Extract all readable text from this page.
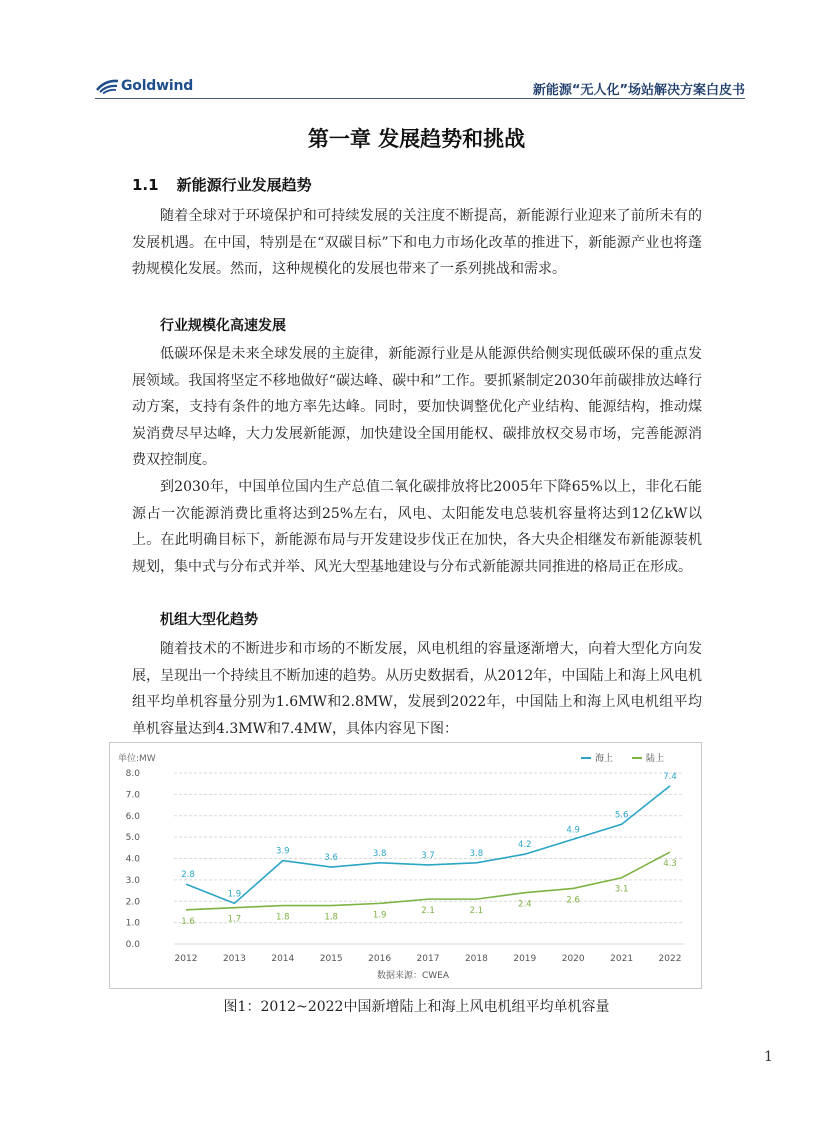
Goldwind	新能源“无人化”场站解决方案白皮书
第一章 发展趋势和挑战
1.1 新能源行业发展趋势

随着全球对于环境保护和可持续发展的关注度不断提高，新能源行业迎来了前所未有的发展机遇。在中国，特别是在“双碳目标”下和电力市场化改革的推进下，新能源产业也将蓬勃规模化发展。然而，这种规模化的发展也带来了一系列挑战和需求。

行业规模化高速发展

低碳环保是未来全球发展的主旋律，新能源行业是从能源供给侧实现低碳环保的重点发展领域。我国将坚定不移地做好“碳达峰、碳中和”工作。要抓紧制定2030年前碳排放达峰行动方案，支持有条件的地方率先达峰。同时，要加快调整优化产业结构、能源结构，推动煤炭消费尽早达峰，大力发展新能源，加快建设全国用能权、碳排放权交易市场，完善能源消费双控制度。

到2030年，中国单位国内生产总值二氧化碳排放将比2005年下降65%以上，非化石能源占一次能源消费比重将达到25%左右，风电、太阳能发电总装机容量将达到12亿kW以上。在此明确目标下，新能源布局与开发建设步伐正在加快，各大央企相继发布新能源装机规划，集中式与分布式并举、风光大型基地建设与分布式新能源共同推进的格局正在形成。

机组大型化趋势

随着技术的不断进步和市场的不断发展，风电机组的容量逐渐增大，向着大型化方向发展，呈现出一个持续且不断加速的趋势。从历史数据看，从2012年，中国陆上和海上风电机组平均单机容量分别为1.6MW和2.8MW，发展到2022年，中国陆上和海上风电机组平均单机容量达到4.3MW和7.4MW，具体内容见下图：

单位:MW
0.0
1.0
2.0
3.0
4.0
5.0
6.0
7.0
8.0
2012	2013	2014	2015	2016	2017	2018	2019	2020	2021	2022
数据来源：CWEA
2.8
1.9
3.9
3.6	3.8	3.7	3.8
4.2
4.9
5.6
7.4
1.6	1.7	1.8	1.8	1.9	2.1	2.1
2.4	2.6
3.1
4.3
海上	陆上
图1：2012~2022中国新增陆上和海上风电机组平均单机容量
1
